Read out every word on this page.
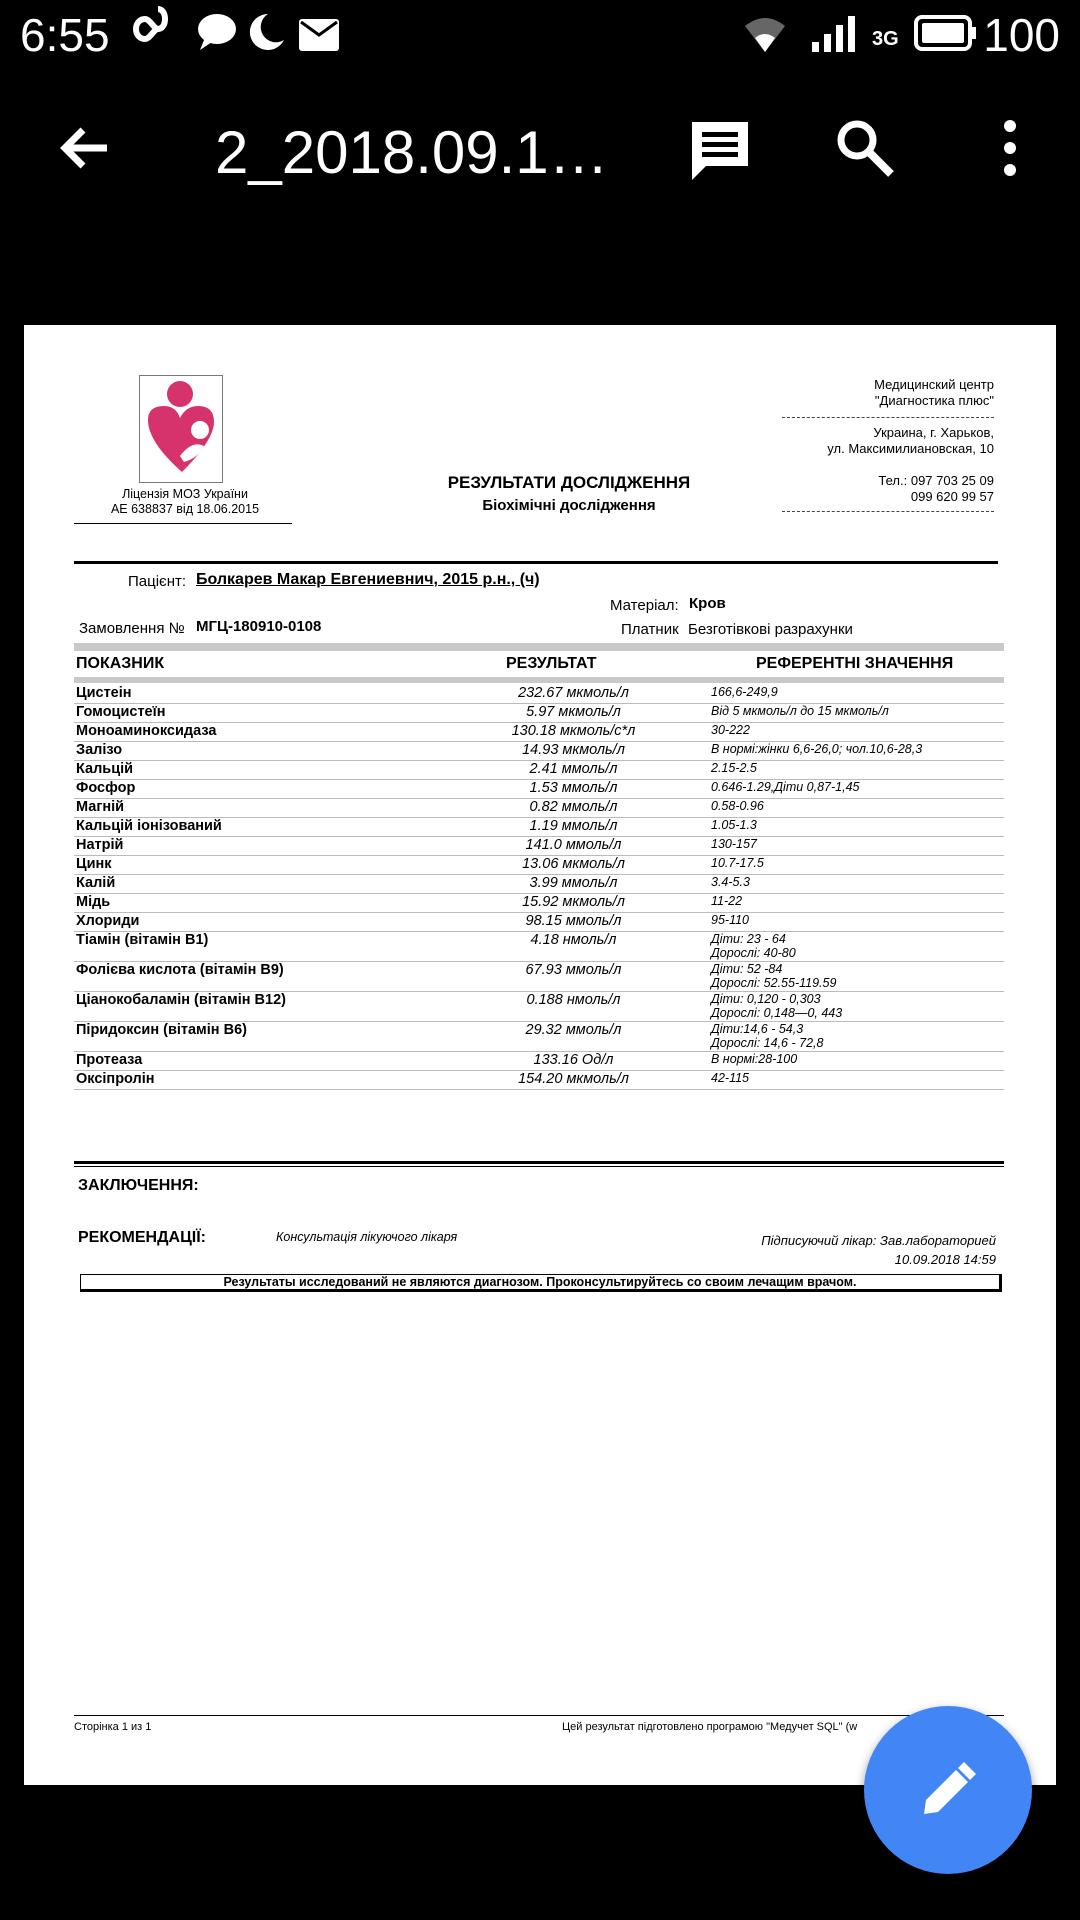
6:55	3G 100
2_2018.09.1…
Ліцензія МОЗ України
АЕ 638837 від 18.06.2015
РЕЗУЛЬТАТИ ДОСЛІДЖЕННЯ
Біохімічні дослідження
Медицинский центр
"Диагностика плюс"
Украина, г. Харьков,
ул. Максимилиановская, 10
Тел.: 097 703 25 09
099 620 99 57
Пацієнт: Болкарев Макар Евгениевнич, 2015 р.н., (ч)
Матеріал: Кров
Замовлення № МГЦ-180910-0108	Платник Безготівкові разрахунки
ПОКАЗНИК	РЕЗУЛЬТАТ	РЕФЕРЕНТНІ ЗНАЧЕННЯ
Цистеін	232.67 мкмоль/л	166,6-249,9

Гомоцистеїн	5.97 мкмоль/л	Від 5 мкмоль/л до 15 мкмоль/л

Моноаминоксидаза	130.18 мкмоль/с*л	30-222

Залізо	14.93 мкмоль/л	В нормі:жінки 6,6-26,0; чол.10,6-28,3

Кальцій	2.41 ммоль/л	2.15-2.5

Фосфор	1.53 ммоль/л	0.646-1.29,Діти 0,87-1,45

Магній	0.82 ммоль/л	0.58-0.96

Кальцій іонізований	1.19 ммоль/л	1.05-1.3

Натрій	141.0 ммоль/л	130-157

Цинк	13.06 мкмоль/л	10.7-17.5

Калій	3.99 ммоль/л	3.4-5.3

Мідь	15.92 мкмоль/л	11-22

Хлориди	98.15 ммоль/л	95-110

Тіамін (вітамін В1)	4.18 нмоль/л	Діти: 23 - 64
Дорослі: 40-80

Фолієва кислота (вітамін В9)	67.93 ммоль/л	Діти: 52 -84
Дорослі: 52.55-119.59

Ціанокобаламін (вітамін В12)	0.188 нмоль/л	Діти: 0,120 - 0,303
Дорослі: 0,148—0, 443

Піридоксин (вітамін В6)	29.32 ммоль/л	Діти:14,6 - 54,3
Дорослі: 14,6 - 72,8

Протеаза	133.16 Од/л	В нормі:28-100

Оксіпролін	154.20 мкмоль/л	42-115
ЗАКЛЮЧЕННЯ:
РЕКОМЕНДАЦІЇ:	Консультація лікуючого лікаря	Підписуючий лікар: Зав.лабораторией
10.09.2018 14:59
Результаты исследований не являются диагнозом. Проконсультируйтесь со своим лечащим врачом.
Сторінка 1 из 1	Цей результат підготовлено програмою "Медучет SQL" (w
